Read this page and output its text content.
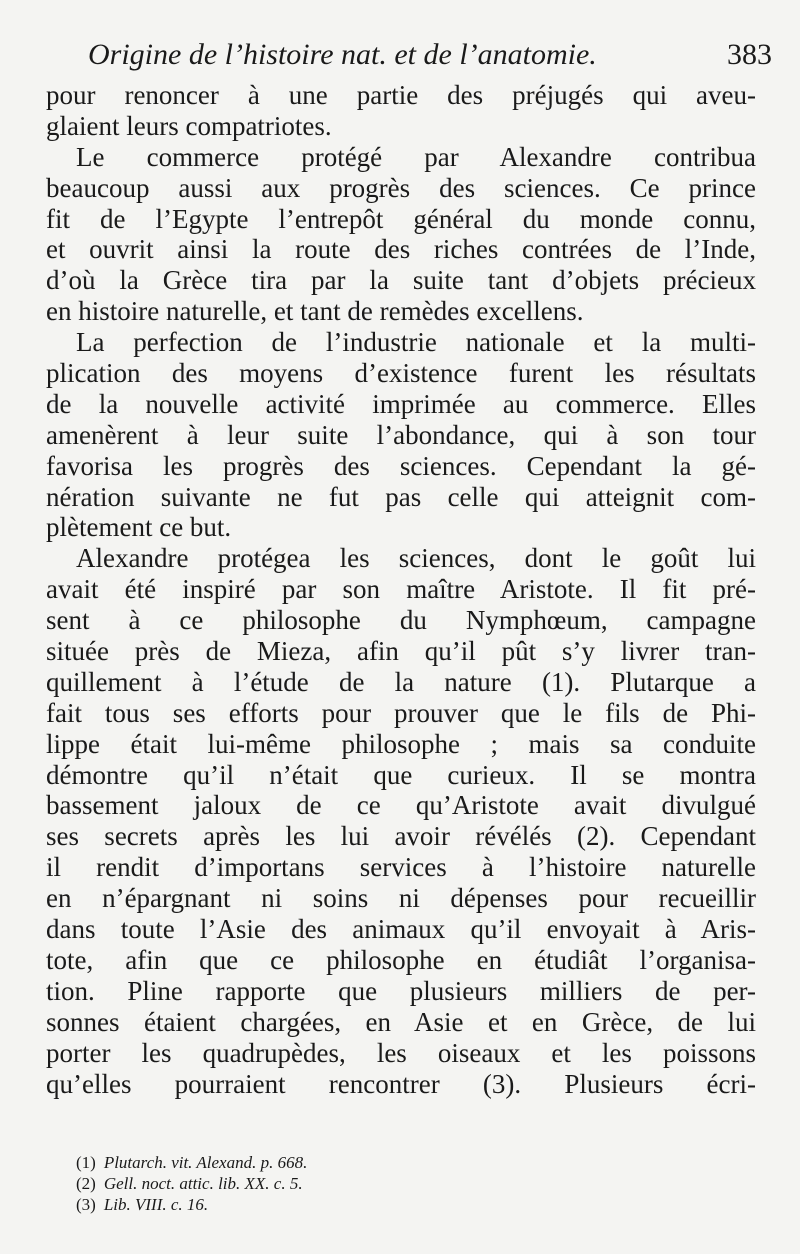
Origine de l’histoire nat. et de l’anatomie.	383
pour renoncer à une partie des préjugés qui aveu-
glaient leurs compatriotes.
Le commerce protégé par Alexandre contribua
beaucoup aussi aux progrès des sciences. Ce prince
fit de l’Egypte l’entrepôt général du monde connu,
et ouvrit ainsi la route des riches contrées de l’Inde,
d’où la Grèce tira par la suite tant d’objets précieux
en histoire naturelle, et tant de remèdes excellens.
La perfection de l’industrie nationale et la multi-
plication des moyens d’existence furent les résultats
de la nouvelle activité imprimée au commerce. Elles
amenèrent à leur suite l’abondance, qui à son tour
favorisa les progrès des sciences. Cependant la gé-
nération suivante ne fut pas celle qui atteignit com-
plètement ce but.
Alexandre protégea les sciences, dont le goût lui
avait été inspiré par son maître Aristote. Il fit pré-
sent à ce philosophe du Nymphœum, campagne
située près de Mieza, afin qu’il pût s’y livrer tran-
quillement à l’étude de la nature (1). Plutarque a
fait tous ses efforts pour prouver que le fils de Phi-
lippe était lui-même philosophe ; mais sa conduite
démontre qu’il n’était que curieux. Il se montra
bassement jaloux de ce qu’Aristote avait divulgué
ses secrets après les lui avoir révélés (2). Cependant
il rendit d’importans services à l’histoire naturelle
en n’épargnant ni soins ni dépenses pour recueillir
dans toute l’Asie des animaux qu’il envoyait à Aris-
tote, afin que ce philosophe en étudiât l’organisa-
tion. Pline rapporte que plusieurs milliers de per-
sonnes étaient chargées, en Asie et en Grèce, de lui
porter les quadrupèdes, les oiseaux et les poissons
qu’elles pourraient rencontrer (3). Plusieurs écri-
(1) Plutarch. vit. Alexand. p. 668.
(2) Gell. noct. attic. lib. XX. c. 5.
(3) Lib. VIII. c. 16.
